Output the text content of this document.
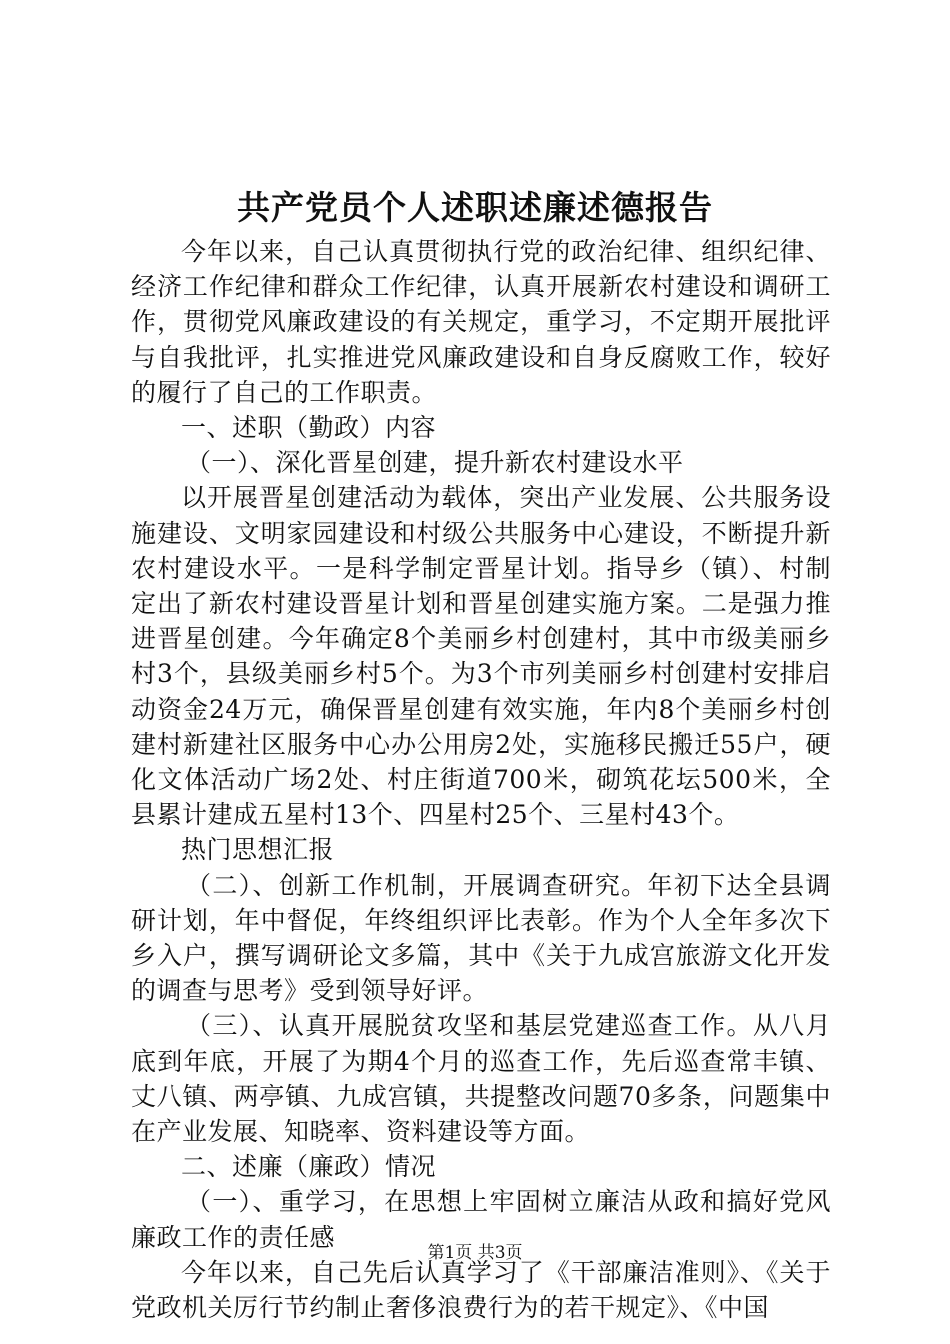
共产党员个人述职述廉述德报告

今年以来，自己认真贯彻执行党的政治纪律、组织纪律、经济工作纪律和群众工作纪律，认真开展新农村建设和调研工作，贯彻党风廉政建设的有关规定，重学习，不定期开展批评与自我批评，扎实推进党风廉政建设和自身反腐败工作，较好的履行了自己的工作职责。

一、述职（勤政）内容

（一）、深化晋星创建，提升新农村建设水平

以开展晋星创建活动为载体，突出产业发展、公共服务设施建设、文明家园建设和村级公共服务中心建设，不断提升新农村建设水平。一是科学制定晋星计划。指导乡（镇）、村制定出了新农村建设晋星计划和晋星创建实施方案。二是强力推进晋星创建。今年确定8个美丽乡村创建村，其中市级美丽乡村3个，县级美丽乡村5个。为3个市列美丽乡村创建村安排启动资金24万元，确保晋星创建有效实施，年内8个美丽乡村创建村新建社区服务中心办公用房2处，实施移民搬迁55户，硬化文体活动广场2处、村庄街道700米，砌筑花坛500米，全县累计建成五星村13个、四星村25个、三星村43个。

热门思想汇报

（二）、创新工作机制，开展调查研究。年初下达全县调研计划，年中督促，年终组织评比表彰。作为个人全年多次下乡入户，撰写调研论文多篇，其中《关于九成宫旅游文化开发的调查与思考》受到领导好评。

（三）、认真开展脱贫攻坚和基层党建巡查工作。从八月底到年底，开展了为期4个月的巡查工作，先后巡查常丰镇、丈八镇、两亭镇、九成宫镇，共提整改问题70多条，问题集中在产业发展、知晓率、资料建设等方面。

二、述廉（廉政）情况

（一）、重学习，在思想上牢固树立廉洁从政和搞好党风廉政工作的责任感

今年以来，自己先后认真学习了《干部廉洁准则》、《关于党政机关厉行节约制止奢侈浪费行为的若干规定》、《中国

第1页 共3页
